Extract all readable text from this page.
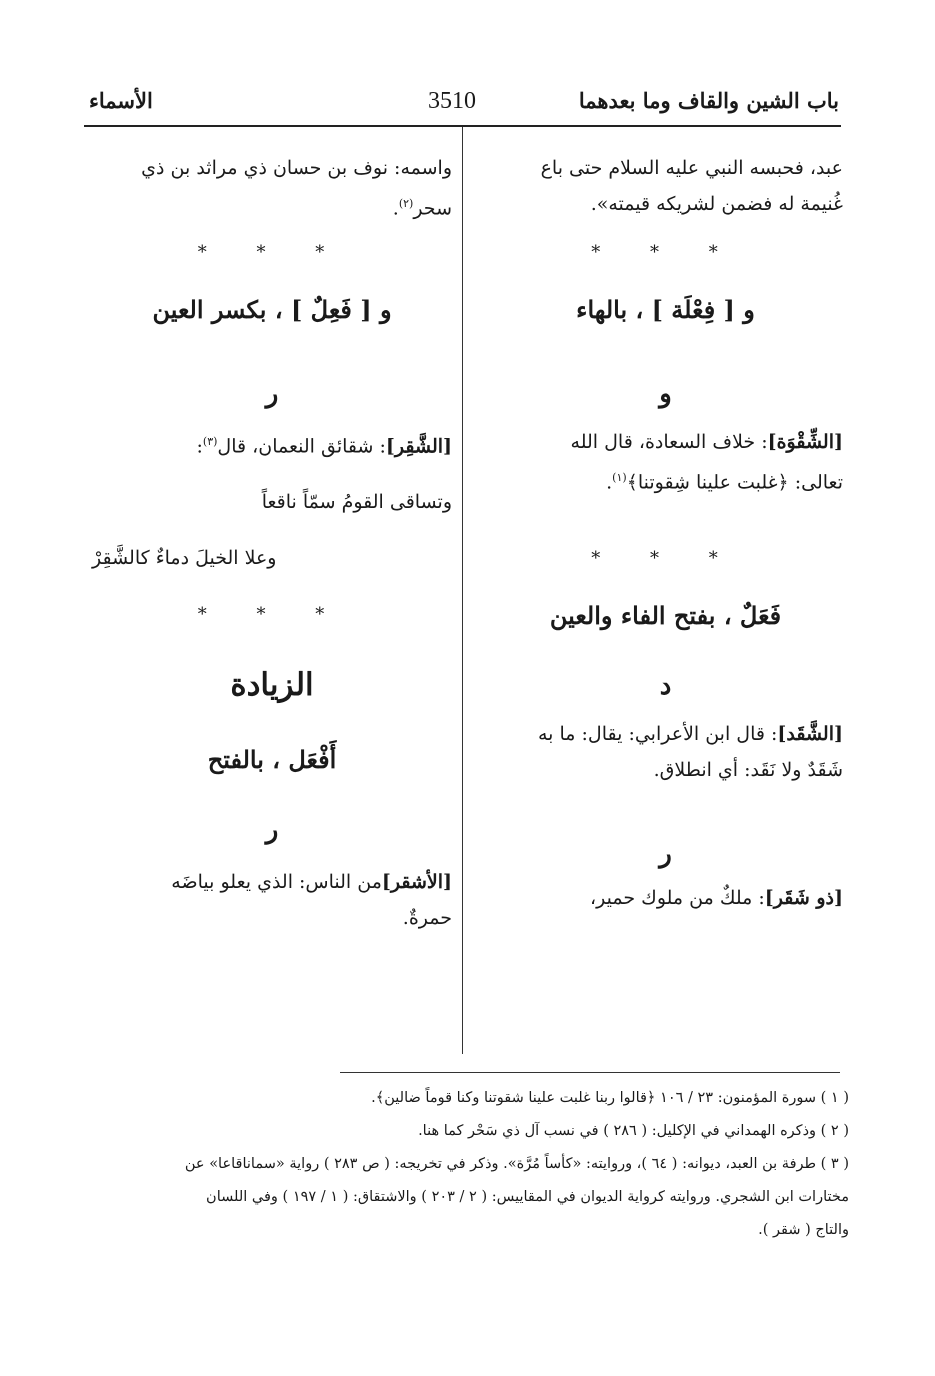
باب الشين والقاف وما بعدهما
3510
الأسماء
عبد، فحبسه النبي عليه السلام حتى باع
غُنيمة له فضمن لشريكه قيمته».
* * *
و [ فِعْلَة ] ، بالهاء
و
[الشِّقْوَة]: خلاف السعادة، قال الله
تعالى: ﴿غلبت علينا شِقوتنا﴾$^{(١)}$.
* * *
فَعَلٌ ، بفتح الفاء والعين
د
[الشَّقَد]: قال ابن الأعرابي: يقال: ما به
شَقَدٌ ولا نَقَد: أي انطلاق.
ر
[ذو شَقَر]: ملكٌ من ملوك حمير،
واسمه: نوف بن حسان ذي مراثد بن ذي
سحر$^{(٢)}$.
* * *
و [ فَعِلٌ ] ، بكسر العين
ر
[الشَّقِر]: شقائق النعمان، قال$^{(٣)}$:
وتساقى القومُ سمّاً ناقعاً
وعلا الخيلَ دماءٌ كالشَّقِرْ
* * *
الزيادة
أَفْعَل ، بالفتح
ر
[الأشقر]من الناس: الذي يعلو بياضَه
حمرةٌ.

( ١ ) سورة المؤمنون: ٢٣ / ١٠٦ ﴿قالوا ربنا غلبت علينا شقوتنا وكنا قوماً ضالين﴾.

( ٢ ) وذكره الهمداني في الإكليل: ( ٢٨٦ ) في نسب آل ذي سَحْر كما هنا.

( ٣ ) طرفة بن العبد، ديوانه: ( ٦٤ )، وروايته: «كأساً مُرَّة». وذكر في تخريجه: ( ص ٢٨٣ ) رواية «سماناقاعا» عن

مختارات ابن الشجري. وروايته كرواية الديوان في المقاييس: ( ٢ / ٢٠٣ ) والاشتقاق: ( ١ / ١٩٧ ) وفي اللسان

والتاج ( شقر ).
